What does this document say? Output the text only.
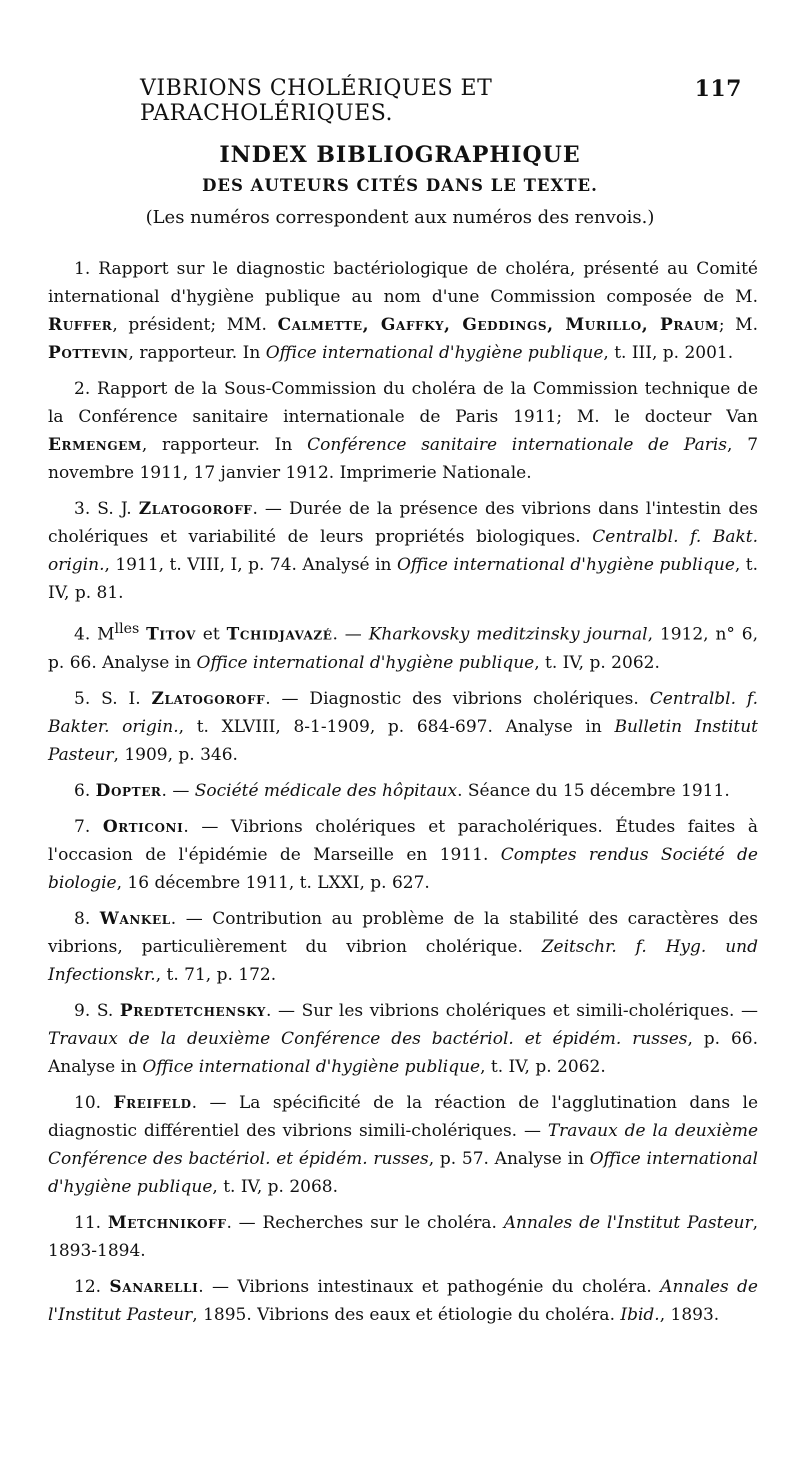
VIBRIONS CHOLÉRIQUES ET PARACHOLÉRIQUES.
117
INDEX BIBLIOGRAPHIQUE
DES AUTEURS CITÉS DANS LE TEXTE.
(Les numéros correspondent aux numéros des renvois.)

1. Rapport sur le diagnostic bactériologique de choléra, présenté au Comité international d'hygiène publique au nom d'une Commission composée de M. Ruffer, président; MM. Calmette, Gaffky, Geddings, Murillo, Praum; M. Pottevin, rapporteur. In Office international d'hygiène publique, t. III, p. 2001.

2. Rapport de la Sous-Commission du choléra de la Commission technique de la Conférence sanitaire internationale de Paris 1911; M. le docteur Van Ermengem, rapporteur. In Conférence sanitaire internationale de Paris, 7 novembre 1911, 17 janvier 1912. Imprimerie Nationale.

3. S. J. Zlatogoroff. — Durée de la présence des vibrions dans l'intestin des cholériques et variabilité de leurs propriétés biologiques. Centralbl. f. Bakt. origin., 1911, t. VIII, I, p. 74. Analysé in Office international d'hygiène publique, t. IV, p. 81.

4. $M^{lles}$ Titov et Tchidjavazé. — Kharkovsky meditzinsky journal, 1912, n° 6, p. 66. Analyse in Office international d'hygiène publique, t. IV, p. 2062.

5. S. I. Zlatogoroff. — Diagnostic des vibrions cholériques. Centralbl. f. Bakter. origin., t. XLVIII, 8-1-1909, p. 684-697. Analyse in Bulletin Institut Pasteur, 1909, p. 346.

6. Dopter. — Société médicale des hôpitaux. Séance du 15 décembre 1911.

7. Orticoni. — Vibrions cholériques et paracholériques. Études faites à l'occasion de l'épidémie de Marseille en 1911. Comptes rendus Société de biologie, 16 décembre 1911, t. LXXI, p. 627.

8. Wankel. — Contribution au problème de la stabilité des caractères des vibrions, particulièrement du vibrion cholérique. Zeitschr. f. Hyg. und Infectionskr., t. 71, p. 172.

9. S. Predtetchensky. — Sur les vibrions cholériques et simili-cholériques. — Travaux de la deuxième Conférence des bactériol. et épidém. russes, p. 66. Analyse in Office international d'hygiène publique, t. IV, p. 2062.

10. Freifeld. — La spécificité de la réaction de l'agglutination dans le diagnostic différentiel des vibrions simili-cholériques. — Travaux de la deuxième Conférence des bactériol. et épidém. russes, p. 57. Analyse in Office international d'hygiène publique, t. IV, p. 2068.

11. Metchnikoff. — Recherches sur le choléra. Annales de l'Institut Pasteur, 1893-1894.

12. Sanarelli. — Vibrions intestinaux et pathogénie du choléra. Annales de l'Institut Pasteur, 1895. Vibrions des eaux et étiologie du choléra. Ibid., 1893.
